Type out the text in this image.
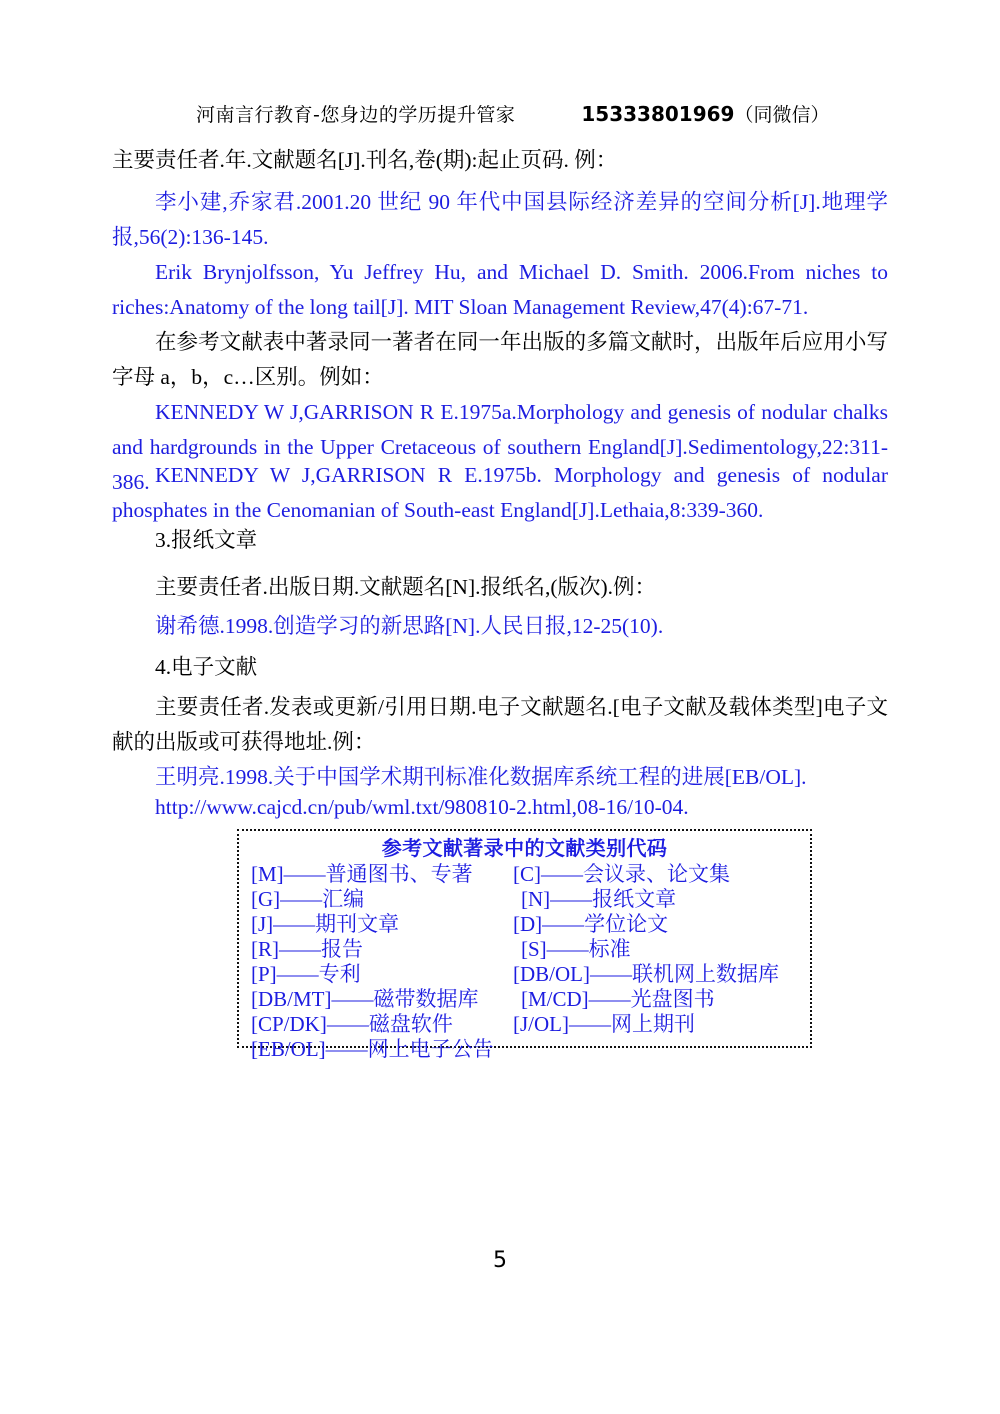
河南言行教育-您身边的学历提升管家	15333801969（同微信）
主要责任者.年.文献题名[J].刊名,卷(期):起止页码. 例：
李小建,乔家君.2001.20 世纪 90 年代中国县际经济差异的空间分析[J].地理学报,56(2):136-145.
Erik Brynjolfsson, Yu Jeffrey Hu, and Michael D. Smith. 2006.From niches to riches:Anatomy of the long tail[J]. MIT Sloan Management Review,47(4):67-71.
在参考文献表中著录同一著者在同一年出版的多篇文献时，出版年后应用小写字母 a，b，c…区别。例如：
KENNEDY W J,GARRISON R E.1975a.Morphology and genesis of nodular chalks and hardgrounds in the Upper Cretaceous of southern England[J].Sedimentology,22:311-386. KENNEDY W J,GARRISON R E.1975b. Morphology and genesis of nodular phosphates in the Cenomanian of South-east England[J].Lethaia,8:339-360.
3.报纸文章
主要责任者.出版日期.文献题名[N].报纸名,(版次).例：
谢希德.1998.创造学习的新思路[N].人民日报,12-25(10).
4.电子文献
主要责任者.发表或更新/引用日期.电子文献题名.[电子文献及载体类型]电子文献的出版或可获得地址.例：
王明亮.1998.关于中国学术期刊标准化数据库系统工程的进展[EB/OL].
http://www.cajcd.cn/pub/wml.txt/980810-2.html,08-16/10-04.
参考文献著录中的文献类别代码
[M]——普通图书、专著 [C]——会议录、论文集
[G]——汇编	[N]——报纸文章
[J]——期刊文章	[D]——学位论文
[R]——报告	[S]——标准
[P]——专利	[DB/OL]——联机网上数据库
[DB/MT]——磁带数据库 [M/CD]——光盘图书
[CP/DK]——磁盘软件	[J/OL]——网上期刊
[EB/OL]——网上电子公告
5
